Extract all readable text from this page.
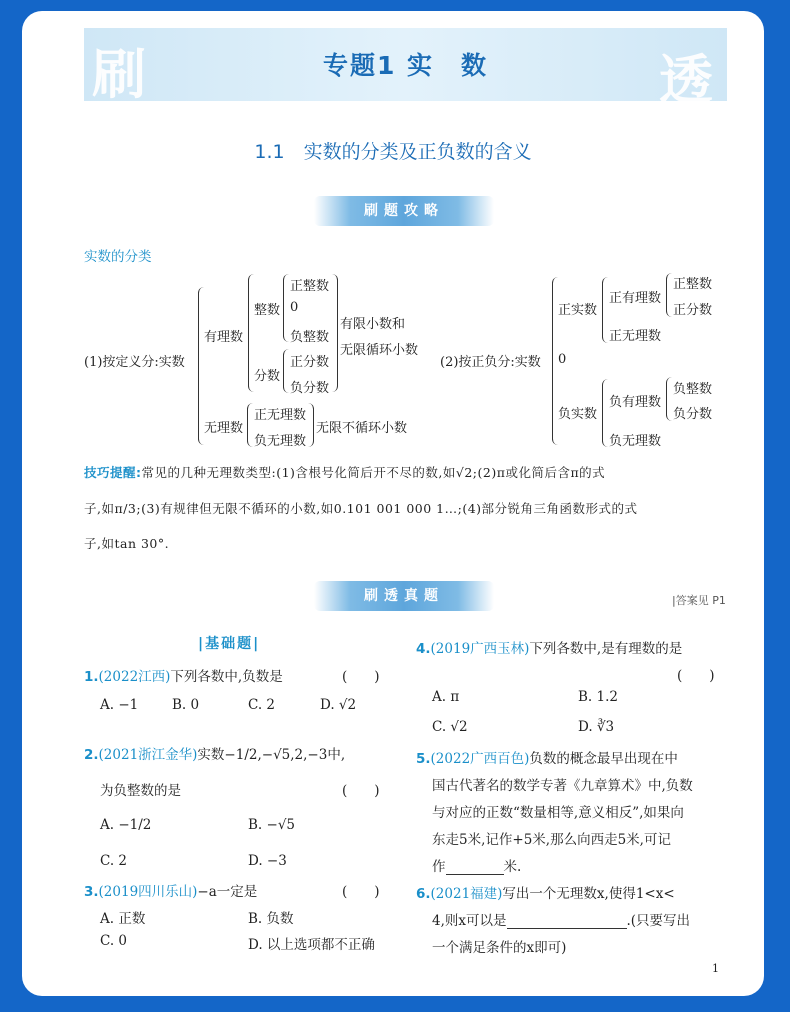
刷	透
专题1 实　数
1.1　实数的分类及正负数的含义
刷题攻略
实数的分类
(1)按定义分:实数
有理数
整数
正整数
0
负整数
分数
正分数
负分数
有限小数和
无限循环小数
无理数
正无理数
负无理数
无限不循环小数
(2)按正负分:实数
正实数
正有理数
正整数
正分数
正无理数
0
负实数
负有理数
负整数
负分数
负无理数
技巧提醒:常见的几种无理数类型:(1)含根号化简后开不尽的数,如√2;(2)π或化简后含π的式
子,如π/3;(3)有规律但无限不循环的小数,如0.101 001 000 1…;(4)部分锐角三角函数形式的式
子,如tan 30°.
刷透真题	|答案见 P1
|基础题|
1.(2022江西)下列各数中,负数是	(　　)
A. −1	B. 0	C. 2	D. √2
2.(2021浙江金华)实数−1/2,−√5,2,−3中,
为负整数的是	(　　)
A. −1/2	B. −√5
C. 2	D. −3
3.(2019四川乐山)−a一定是	(　　)
A. 正数	B. 负数
C. 0	D. 以上选项都不正确
4.(2019广西玉林)下列各数中,是有理数的是
(　　)
A. π	B. 1.2
C. √2	D. ∛3
5.(2022广西百色)负数的概念最早出现在中
国古代著名的数学专著《九章算术》中,负数
与对应的正数“数量相等,意义相反”,如果向
东走5米,记作+5米,那么向西走5米,可记
作	米.
6.(2021福建)写出一个无理数x,使得1<x<
4,则x可以是	.(只要写出
一个满足条件的x即可)
1
